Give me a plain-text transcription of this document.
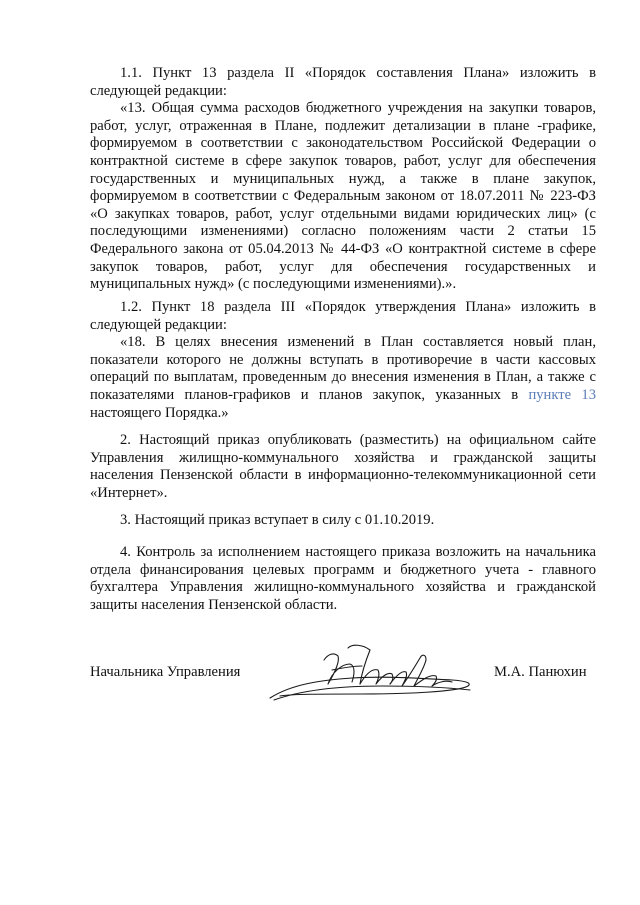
1.1. Пункт 13 раздела II «Порядок составления Плана» изложить в следующей редакции:

«13. Общая сумма расходов бюджетного учреждения на закупки товаров, работ, услуг, отраженная в Плане, подлежит детализации в плане -графике, формируемом в соответствии с законодательством Российской Федерации о контрактной системе в сфере закупок товаров, работ, услуг для обеспечения государственных и муниципальных нужд, а также в плане закупок, формируемом в соответствии с Федеральным законом от 18.07.2011 № 223-ФЗ «О закупках товаров, работ, услуг отдельными видами юридических лиц» (с последующими изменениями) согласно положениям части 2 статьи 15 Федерального закона от 05.04.2013 № 44-ФЗ «О контрактной системе в сфере закупок товаров, работ, услуг для обеспечения государственных и муниципальных нужд» (с последующими изменениями).».

1.2. Пункт 18 раздела III «Порядок утверждения Плана» изложить в следующей редакции:

«18. В целях внесения изменений в План составляется новый план, показатели которого не должны вступать в противоречие в части кассовых операций по выплатам, проведенным до внесения изменения в План, а также с показателями планов-графиков и планов закупок, указанных в пункте 13 настоящего Порядка.»

2. Настоящий приказ опубликовать (разместить) на официальном сайте Управления жилищно-коммунального хозяйства и гражданской защиты населения Пензенской области в информационно-телекоммуникационной сети «Интернет».

3. Настоящий приказ вступает в силу с 01.10.2019.

4. Контроль за исполнением настоящего приказа возложить на начальника отдела финансирования целевых программ и бюджетного учета - главного бухгалтера Управления жилищно-коммунального хозяйства и гражданской защиты населения Пензенской области.

Начальника Управления	М.А. Панюхин
